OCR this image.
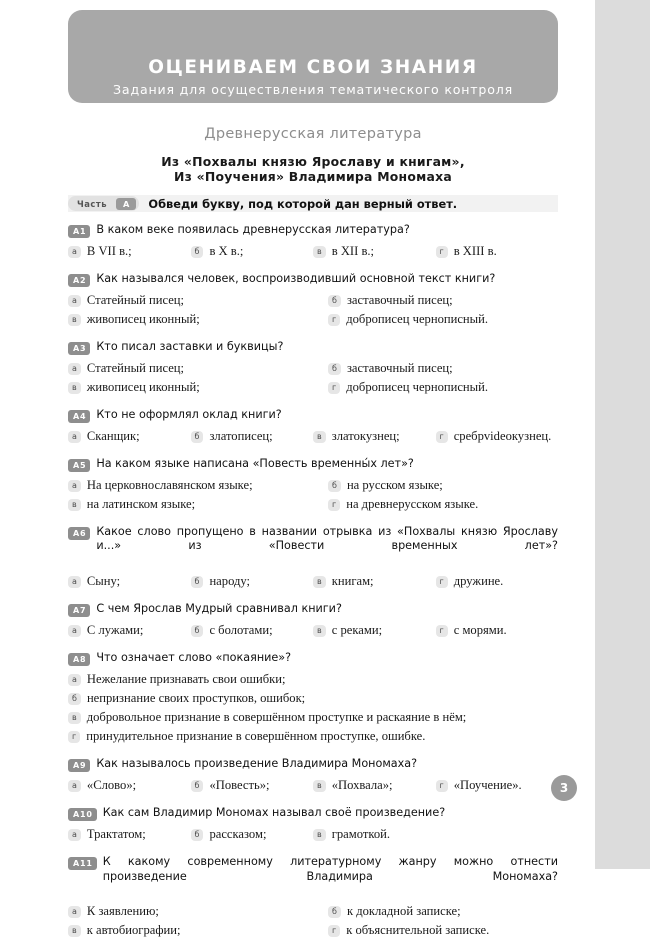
ОЦЕНИВАЕМ СВОИ ЗНАНИЯ
Задания для осуществления тематического контроля
Древнерусская литература
Из «Похвалы князю Ярославу и книгам»,
Из «Поучения» Владимира Мономаха
Часть	А	Обведи букву, под которой дан верный ответ.
А1 В каком веке появилась древнерусская литература?
а В VII в.;	б в X в.;	в в XII в.;	г в XIII в.
А2 Как назывался человек, воспроизводивший основной текст книги?
а Статейный писец;	б заставочный писец;
в живописец иконный;	г доброписец чернописный.
А3 Кто писал заставки и буквицы?
а Статейный писец;	б заставочный писец;
в живописец иконный;	г доброписец чернописный.
А4 Кто не оформлял оклад книги?
а Сканщик;	б златописец;	в златокузнец;	г сребрvideокузнец.
А5 На каком языке написана «Повесть временны́х лет»?
а На церковнославянском языке;	б на русском языке;
в на латинском языке;	г на древнерусском языке.
А6 Какое слово пропущено в названии отрывка из «Похвалы князю Ярославу и...» из «Повести временных лет»?
а Сыну;	б народу;	в книгам;	г дружине.
А7 С чем Ярослав Мудрый сравнивал книги?
а С лужами;	б с болотами;	в с реками;	г с морями.
А8 Что означает слово «покаяние»?
а Нежелание признавать свои ошибки;
б непризнание своих проступков, ошибок;
в добровольное признание в совершённом проступке и раскаяние в нём;
г принудительное признание в совершённом проступке, ошибке.
А9 Как называлось произведение Владимира Мономаха?
а «Слово»;	б «Повесть»;	в «Похвала»;	г «Поучение».
А10 Как сам Владимир Мономах называл своё произведение?
а Трактатом;	б рассказом;	в грамоткой.
А11 К какому современному литературному жанру можно отнести произведение Владимира Мономаха?
а К заявлению;	б к докладной записке;
в к автобиографии;	г к объяснительной записке.
3
